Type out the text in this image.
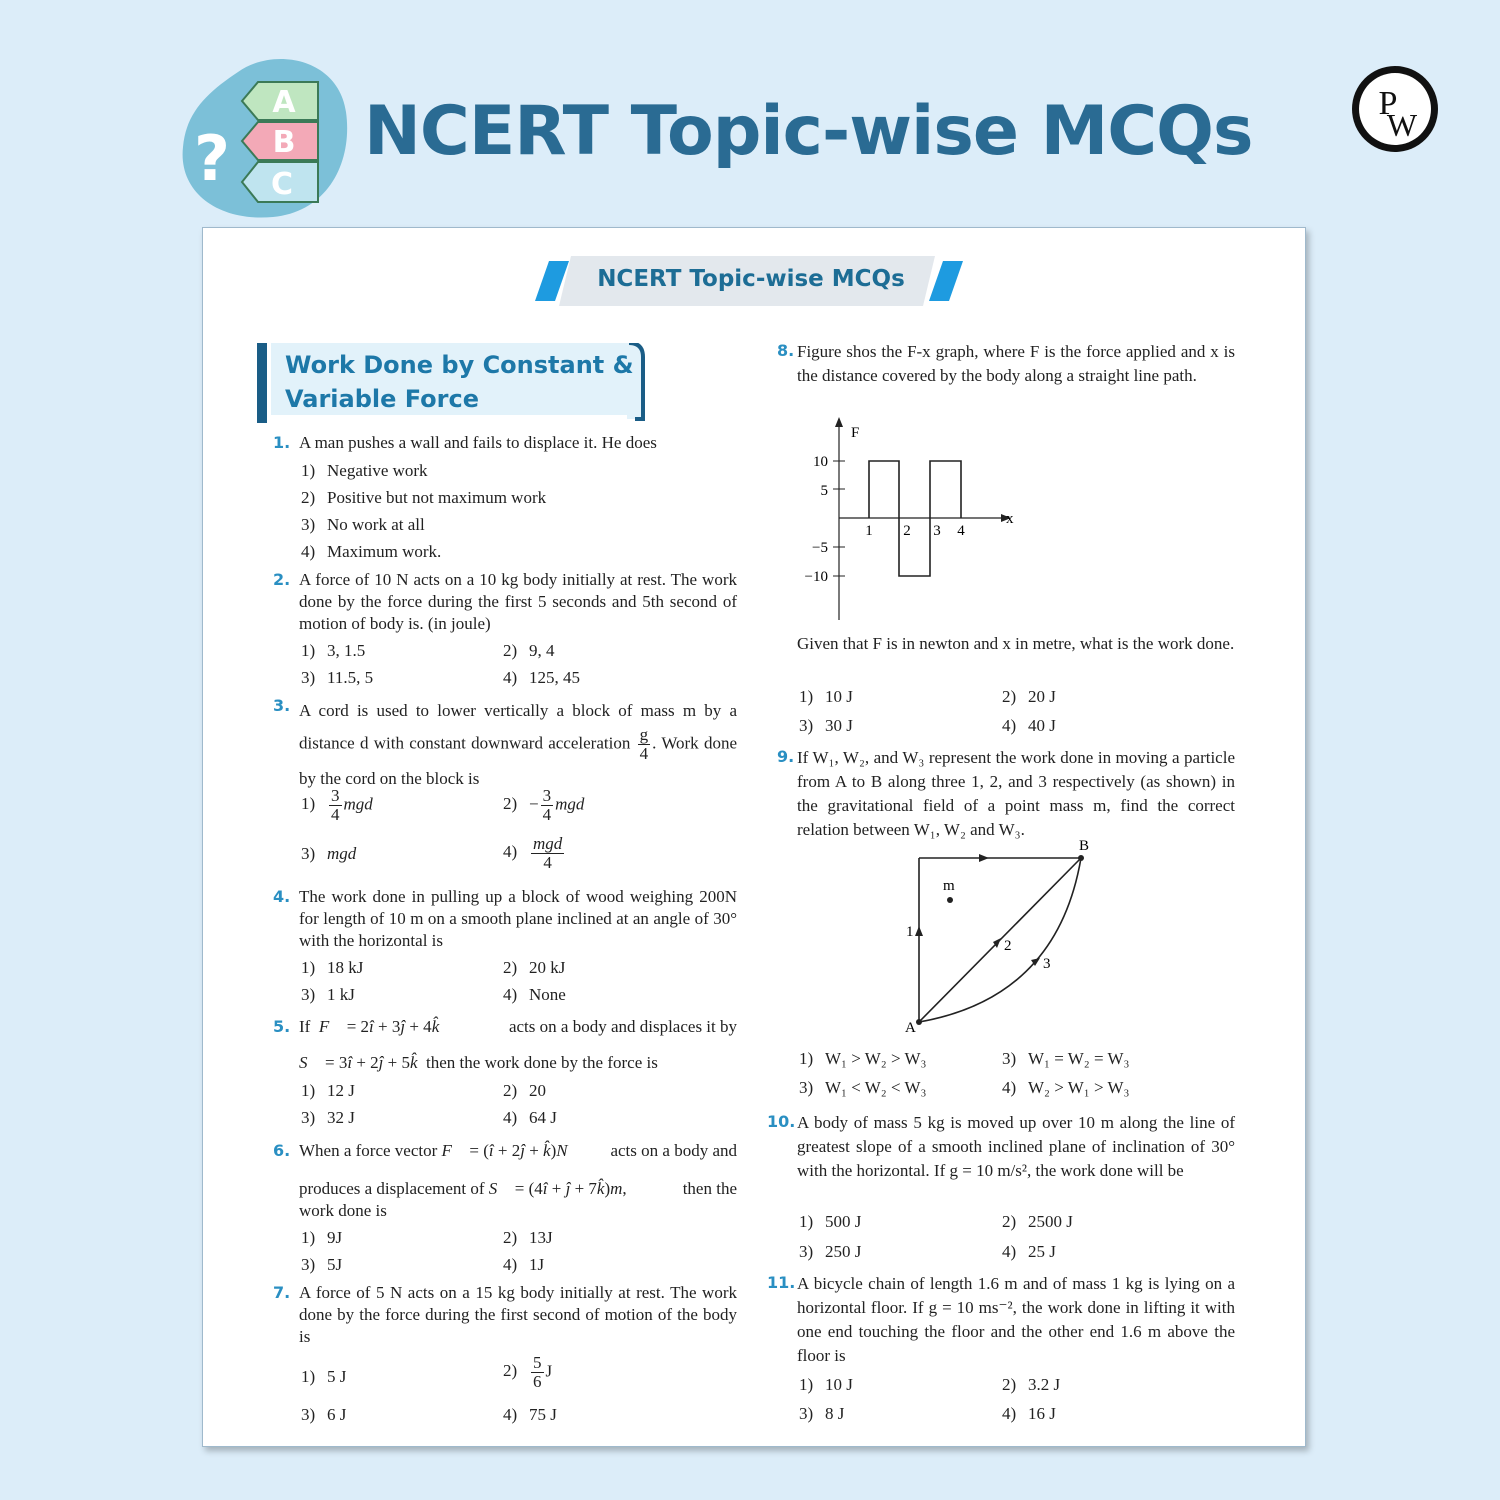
A
B
C
? NCERT Topic-wise MCQs	P
W
NCERT Topic-wise MCQs
Work Done by Constant & Variable Force
1. A man pushes a wall and fails to displace it. He does
1) Negative work
2) Positive but not maximum work
3) No work at all
4) Maximum work.
2. A force of 10 N acts on a 10 kg body initially at rest. The work done by the force during the first 5 seconds and 5th second of motion of body is. (in joule)
1) 3, 1.5	2) 9, 4
3) 11.5, 5	4) 125, 45
3. A cord is used to lower vertically a block of mass m by a distance d with constant downward acceleration $\frac{g}{4}$ . Work done by the cord on the block is
$1) \frac{3}{4}$ mgd	$2) - \frac{3}{4}$ mgd
3) mgd	$4) \frac{\text{mgd}}{4}$
4. The work done in pulling up a block of wood weighing 200N for length of 10 m on a smooth plane inclined at an angle of 30° with the horizontal is
1) 18 kJ	2) 20 kJ
3) 1 kJ	4) None
5. If F⃗ = 2î + 3ĵ + 4k̂	acts on a body and displaces it by
S⃗ = 3î + 2ĵ + 5k̂ then the work done by the force is
1) 12 J	2) 20
3) 32 J	4) 64 J
6. When a force vector F⃗ = (î + 2ĵ + k̂)N	acts on a body and
produces a displacement of S⃗ = (4î + ĵ + 7k̂)m,	then the
work done is
1) 9J	2) 13J
3) 5J	4) 1J
7. A force of 5 N acts on a 15 kg body initially at rest. The work done by the force during the first second of motion of the body is
1) 5 J	$2) \frac{5}{6}$ J
3) 6 J	4) 75 J
8. Figure shos the F-x graph, where F is the force applied and x is the distance covered by the body along a straight line path.
F
x
10
5
−5
−10
1 2 3 4
Given that F is in newton and x in metre, what is the work done.
1) 10 J	2) 20 J
3) 30 J	4) 40 J
9. If W₁, W₂, and W₃ represent the work done in moving a particle from A to B along three 1, 2, and 3 respectively (as shown) in the gravitational field of a point mass m, find the correct relation between W₁, W₂ and W₃.
A
B
m
1
2
3
1) W₁ > W₂ > W₃	3) W₁ = W₂ = W₃
3) W₁ < W₂ < W₃	4) W₂ > W₁ > W₃
10. A body of mass 5 kg is moved up over 10 m along the line of greatest slope of a smooth inclined plane of inclination of 30° with the horizontal. If g = 10 m/s², the work done will be
1) 500 J	2) 2500 J
3) 250 J	4) 25 J
11. A bicycle chain of length 1.6 m and of mass 1 kg is lying on a horizontal floor. If g = 10 ms⁻², the work done in lifting it with one end touching the floor and the other end 1.6 m above the floor is
1) 10 J	2) 3.2 J
3) 8 J	4) 16 J
